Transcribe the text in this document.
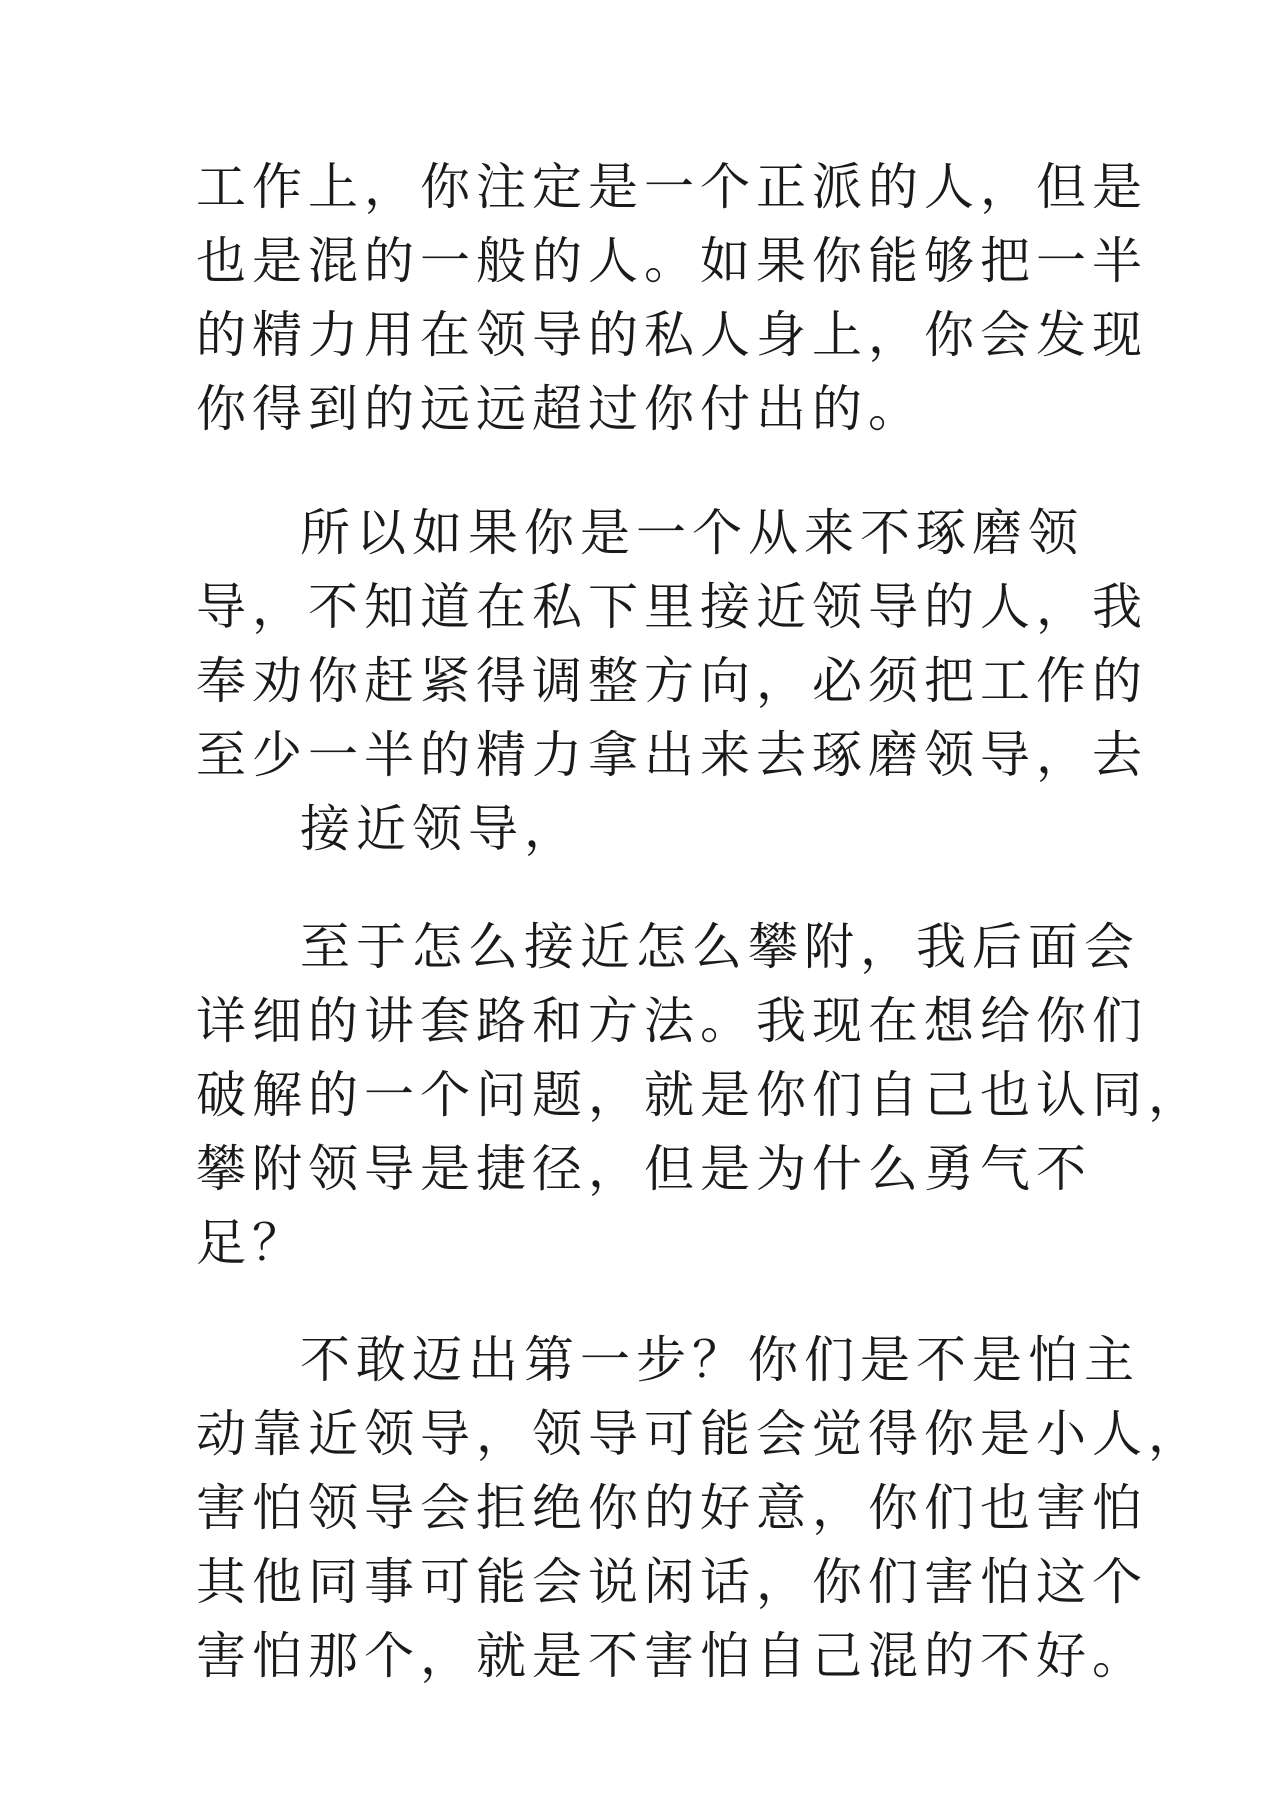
工作上，你注定是一个正派的人，但是
也是混的一般的人。如果你能够把一半
的精力用在领导的私人身上，你会发现
你得到的远远超过你付出的。
所以如果你是一个从来不琢磨领
导，不知道在私下里接近领导的人，我
奉劝你赶紧得调整方向，必须把工作的
至少一半的精力拿出来去琢磨领导，去
接近领导，
至于怎么接近怎么攀附，我后面会
详细的讲套路和方法。我现在想给你们
破解的一个问题，就是你们自己也认同，
攀附领导是捷径，但是为什么勇气不
足？
不敢迈出第一步？你们是不是怕主
动靠近领导，领导可能会觉得你是小人，
害怕领导会拒绝你的好意，你们也害怕
其他同事可能会说闲话，你们害怕这个
害怕那个，就是不害怕自己混的不好。
